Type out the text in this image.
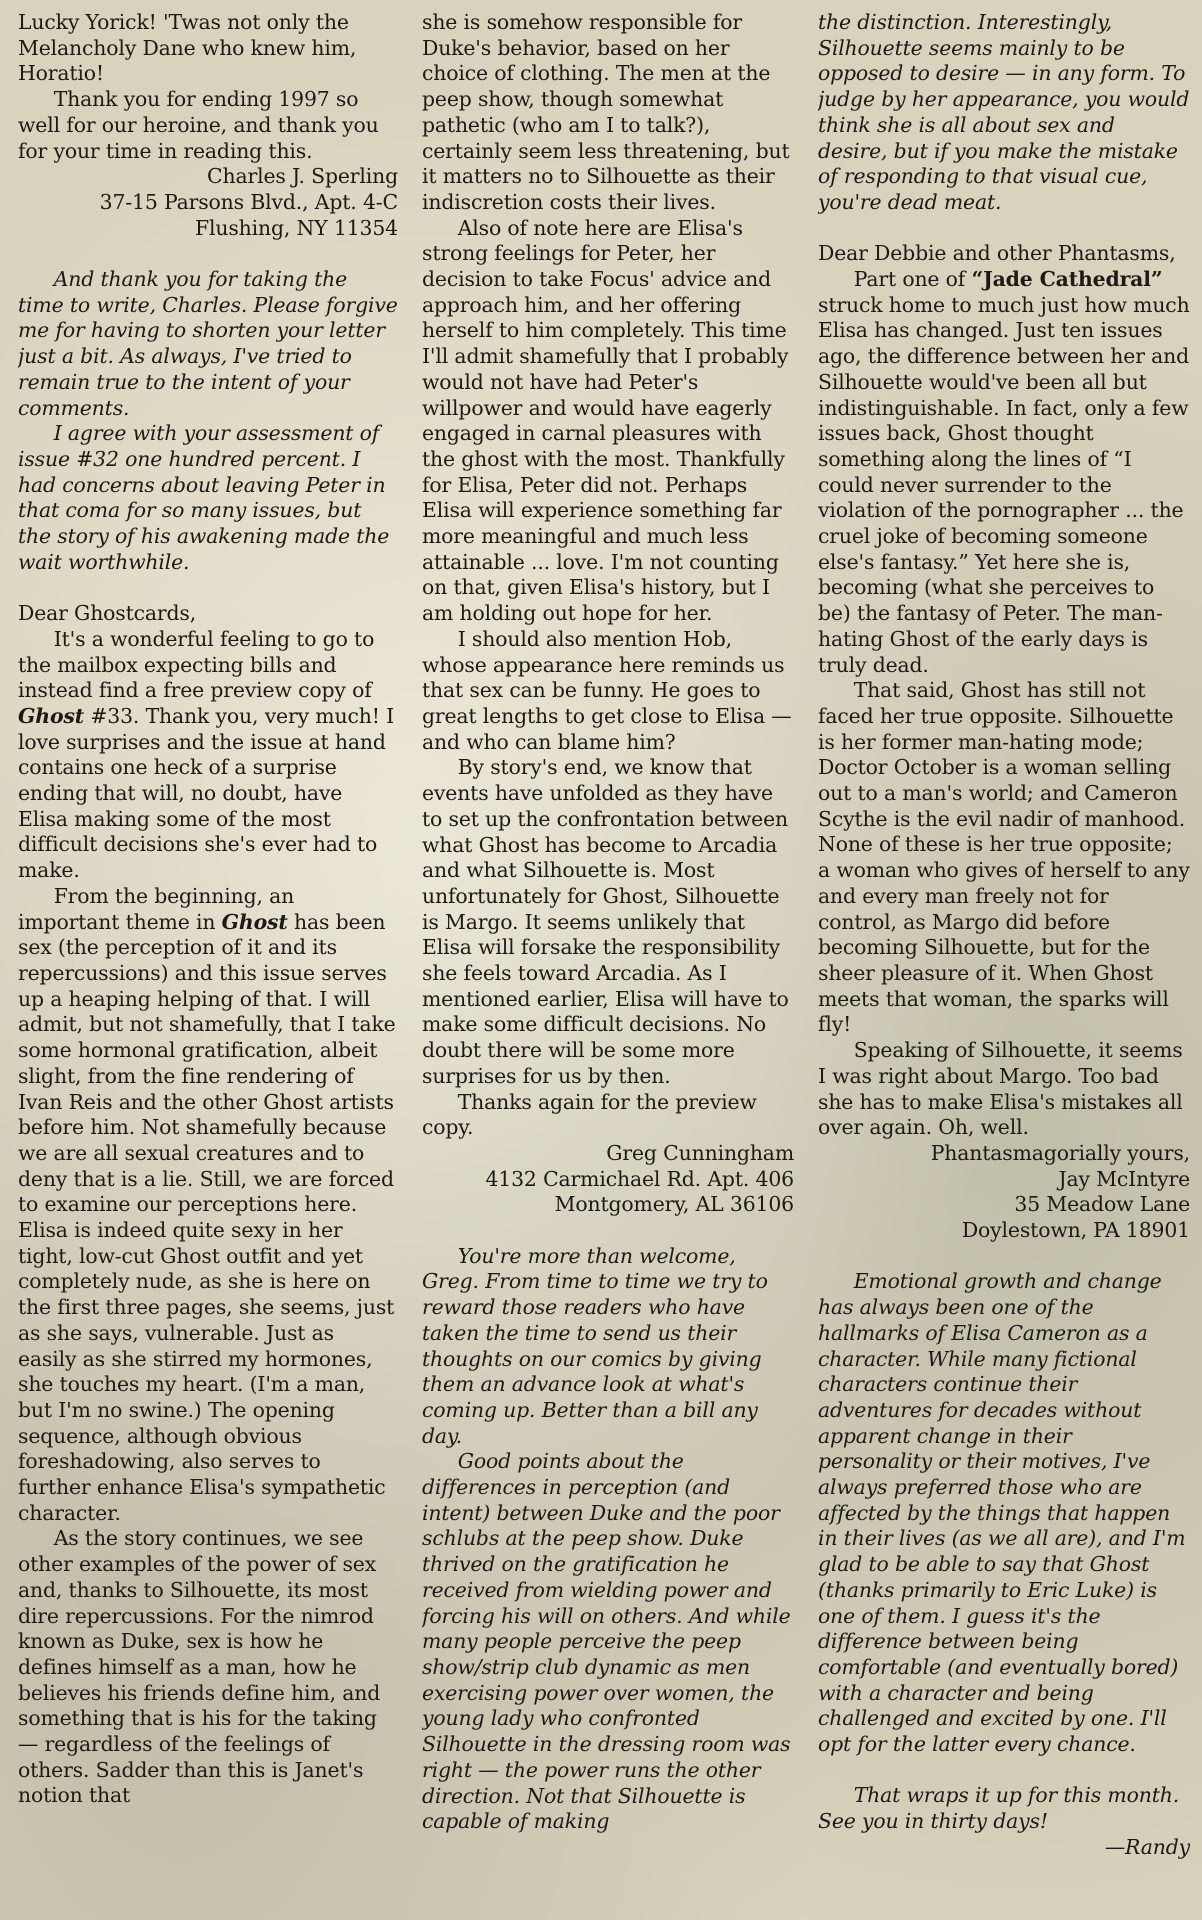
Lucky Yorick! 'Twas not only the Melancholy Dane who knew him, Horatio!

Thank you for ending 1997 so well for our heroine, and thank you for your time in reading this.

Charles J. Sperling

37-15 Parsons Blvd., Apt. 4-C

Flushing, NY 11354

And thank you for taking the time to write, Charles. Please forgive me for having to shorten your letter just a bit. As always, I've tried to remain true to the intent of your comments.

I agree with your assessment of issue #32 one hundred percent. I had concerns about leaving Peter in that coma for so many issues, but the story of his awakening made the wait worthwhile.

Dear Ghostcards,

It's a wonderful feeling to go to the mailbox expecting bills and instead find a free preview copy of Ghost #33. Thank you, very much! I love surprises and the issue at hand contains one heck of a surprise ending that will, no doubt, have Elisa making some of the most difficult decisions she's ever had to make.

From the beginning, an important theme in Ghost has been sex (the perception of it and its repercussions) and this issue serves up a heaping helping of that. I will admit, but not shamefully, that I take some hormonal gratification, albeit slight, from the fine rendering of Ivan Reis and the other Ghost artists before him. Not shamefully because we are all sexual creatures and to deny that is a lie. Still, we are forced to examine our perceptions here. Elisa is indeed quite sexy in her tight, low-cut Ghost outfit and yet completely nude, as she is here on the first three pages, she seems, just as she says, vulnerable. Just as easily as she stirred my hormones, she touches my heart. (I'm a man, but I'm no swine.) The opening sequence, although obvious foreshadowing, also serves to further enhance Elisa's sympathetic character.

As the story continues, we see other examples of the power of sex and, thanks to Silhouette, its most dire repercussions. For the nimrod known as Duke, sex is how he defines himself as a man, how he believes his friends define him, and something that is his for the taking — regardless of the feelings of others. Sadder than this is Janet's notion that

she is somehow responsible for Duke's behavior, based on her choice of clothing. The men at the peep show, though somewhat pathetic (who am I to talk?), certainly seem less threatening, but it matters no to Silhouette as their indiscretion costs their lives.

Also of note here are Elisa's strong feelings for Peter, her decision to take Focus' advice and approach him, and her offering herself to him completely. This time I'll admit shamefully that I probably would not have had Peter's willpower and would have eagerly engaged in carnal pleasures with the ghost with the most. Thankfully for Elisa, Peter did not. Perhaps Elisa will experience something far more meaningful and much less attainable ... love. I'm not counting on that, given Elisa's history, but I am holding out hope for her.

I should also mention Hob, whose appearance here reminds us that sex can be funny. He goes to great lengths to get close to Elisa — and who can blame him?

By story's end, we know that events have unfolded as they have to set up the confrontation between what Ghost has become to Arcadia and what Silhouette is. Most unfortunately for Ghost, Silhouette is Margo. It seems unlikely that Elisa will forsake the responsibility she feels toward Arcadia. As I mentioned earlier, Elisa will have to make some difficult decisions. No doubt there will be some more surprises for us by then.

Thanks again for the preview copy.

Greg Cunningham

4132 Carmichael Rd. Apt. 406

Montgomery, AL 36106

You're more than welcome, Greg. From time to time we try to reward those readers who have taken the time to send us their thoughts on our comics by giving them an advance look at what's coming up. Better than a bill any day.

Good points about the differences in perception (and intent) between Duke and the poor schlubs at the peep show. Duke thrived on the gratification he received from wielding power and forcing his will on others. And while many people perceive the peep show/strip club dynamic as men exercising power over women, the young lady who confronted Silhouette in the dressing room was right — the power runs the other direction. Not that Silhouette is capable of making

the distinction. Interestingly, Silhouette seems mainly to be opposed to desire — in any form. To judge by her appearance, you would think she is all about sex and desire, but if you make the mistake of responding to that visual cue, you're dead meat.

Dear Debbie and other Phantasms,

Part one of “Jade Cathedral” struck home to much just how much Elisa has changed. Just ten issues ago, the difference between her and Silhouette would've been all but indistinguishable. In fact, only a few issues back, Ghost thought something along the lines of “I could never surrender to the violation of the pornographer ... the cruel joke of becoming someone else's fantasy.” Yet here she is, becoming (what she perceives to be) the fantasy of Peter. The man-hating Ghost of the early days is truly dead.

That said, Ghost has still not faced her true opposite. Silhouette is her former man-hating mode; Doctor October is a woman selling out to a man's world; and Cameron Scythe is the evil nadir of manhood. None of these is her true opposite; a woman who gives of herself to any and every man freely not for control, as Margo did before becoming Silhouette, but for the sheer pleasure of it. When Ghost meets that woman, the sparks will fly!

Speaking of Silhouette, it seems I was right about Margo. Too bad she has to make Elisa's mistakes all over again. Oh, well.

Phantasmagorially yours,

Jay McIntyre

35 Meadow Lane

Doylestown, PA 18901

Emotional growth and change has always been one of the hallmarks of Elisa Cameron as a character. While many fictional characters continue their adventures for decades without apparent change in their personality or their motives, I've always preferred those who are affected by the things that happen in their lives (as we all are), and I'm glad to be able to say that Ghost (thanks primarily to Eric Luke) is one of them. I guess it's the difference between being comfortable (and eventually bored) with a character and being challenged and excited by one. I'll opt for the latter every chance.

That wraps it up for this month. See you in thirty days!

—Randy
